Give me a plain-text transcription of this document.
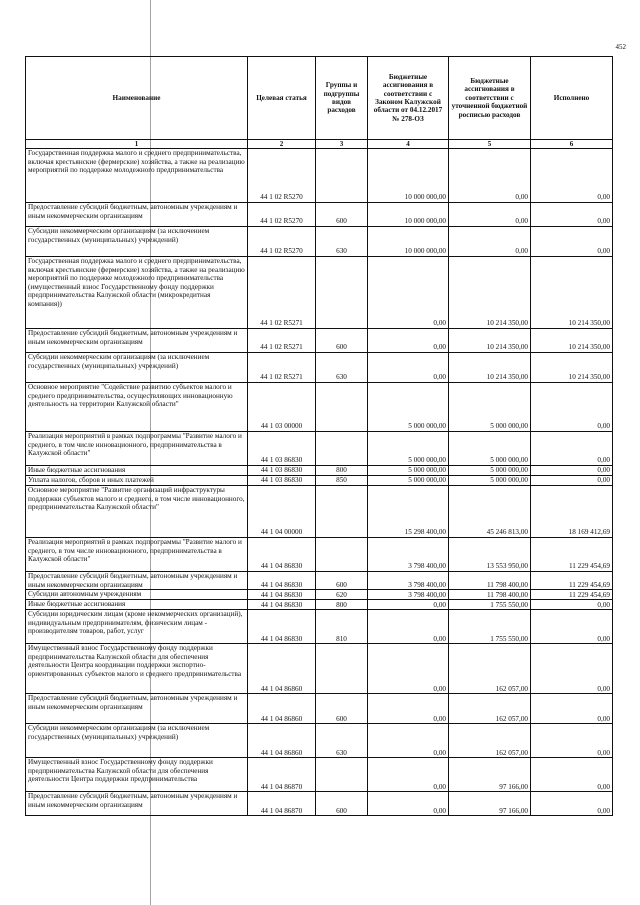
452
Наименование	Целевая статья	Группы и подгруппы видов расходов	Бюджетные ассигнования в соответствии с Законом Калужской области от 04.12.2017 № 278-ОЗ	Бюджетные ассигнования в соответствии с уточненной бюджетной росписью расходов	Исполнено
1	2	3	4	5	6
Государственная поддержка малого и среднего предпринимательства, включая крестьянские (фермерские) хозяйства, а также на реализацию мероприятий по поддержке молодежного предпринимательства	44 1 02 R5270		10 000 000,00	0,00	0,00
Предоставление субсидий бюджетным, автономным учреждениям и иным некоммерческим организациям	44 1 02 R5270	600	10 000 000,00	0,00	0,00
Субсидии некоммерческим организациям (за исключением государственных (муниципальных) учреждений)	44 1 02 R5270	630	10 000 000,00	0,00	0,00
Государственная поддержка малого и среднего предпринимательства, включая крестьянские (фермерские) хозяйства, а также на реализацию мероприятий по поддержке молодежного предпринимательства (имущественный взнос Государственному фонду поддержки предпринимательства Калужской области (микрокредитная компания))	44 1 02 R5271		0,00	10 214 350,00	10 214 350,00
Предоставление субсидий бюджетным, автономным учреждениям и иным некоммерческим организациям	44 1 02 R5271	600	0,00	10 214 350,00	10 214 350,00
Субсидии некоммерческим организациям (за исключением государственных (муниципальных) учреждений)	44 1 02 R5271	630	0,00	10 214 350,00	10 214 350,00
Основное мероприятие "Содействие развитию субъектов малого и среднего предпринимательства, осуществляющих инновационную деятельность на территории Калужской области"	44 1 03 00000		5 000 000,00	5 000 000,00	0,00
Реализация мероприятий в рамках подпрограммы "Развитие малого и среднего, в том числе инновационного, предпринимательства в Калужской области"	44 1 03 86830		5 000 000,00	5 000 000,00	0,00
Иные бюджетные ассигнования	44 1 03 86830	800	5 000 000,00	5 000 000,00	0,00
Уплата налогов, сборов и иных платежей	44 1 03 86830	850	5 000 000,00	5 000 000,00	0,00
Основное мероприятие "Развитие организаций инфраструктуры поддержки субъектов малого и среднего, в том числе инновационного, предпринимательства Калужской области"	44 1 04 00000		15 298 400,00	45 246 813,00	18 169 412,69
Реализация мероприятий в рамках подпрограммы "Развитие малого и среднего, в том числе инновационного, предпринимательства в Калужской области"	44 1 04 86830		3 798 400,00	13 553 950,00	11 229 454,69
Предоставление субсидий бюджетным, автономным учреждениям и иным некоммерческим организациям	44 1 04 86830	600	3 798 400,00	11 798 400,00	11 229 454,69
Субсидии автономным учреждениям	44 1 04 86830	620	3 798 400,00	11 798 400,00	11 229 454,69
Иные бюджетные ассигнования	44 1 04 86830	800	0,00	1 755 550,00	0,00
Субсидии юридическим лицам (кроме некоммерческих организаций), индивидуальным предпринимателям, физическим лицам - производителям товаров, работ, услуг	44 1 04 86830	810	0,00	1 755 550,00	0,00
Имущественный взнос Государственному фонду поддержки предпринимательства Калужской области для обеспечения деятельности Центра координации поддержки экспортно-ориентированных субъектов малого и среднего предпринимательства	44 1 04 86860		0,00	162 057,00	0,00
Предоставление субсидий бюджетным, автономным учреждениям и иным некоммерческим организациям	44 1 04 86860	600	0,00	162 057,00	0,00
Субсидии некоммерческим организациям (за исключением государственных (муниципальных) учреждений)	44 1 04 86860	630	0,00	162 057,00	0,00
Имущественный взнос Государственному фонду поддержки предпринимательства Калужской области для обеспечения деятельности Центра поддержки предпринимательства	44 1 04 86870		0,00	97 166,00	0,00
Предоставление субсидий бюджетным, автономным учреждениям и иным некоммерческим организациям	44 1 04 86870	600	0,00	97 166,00	0,00
